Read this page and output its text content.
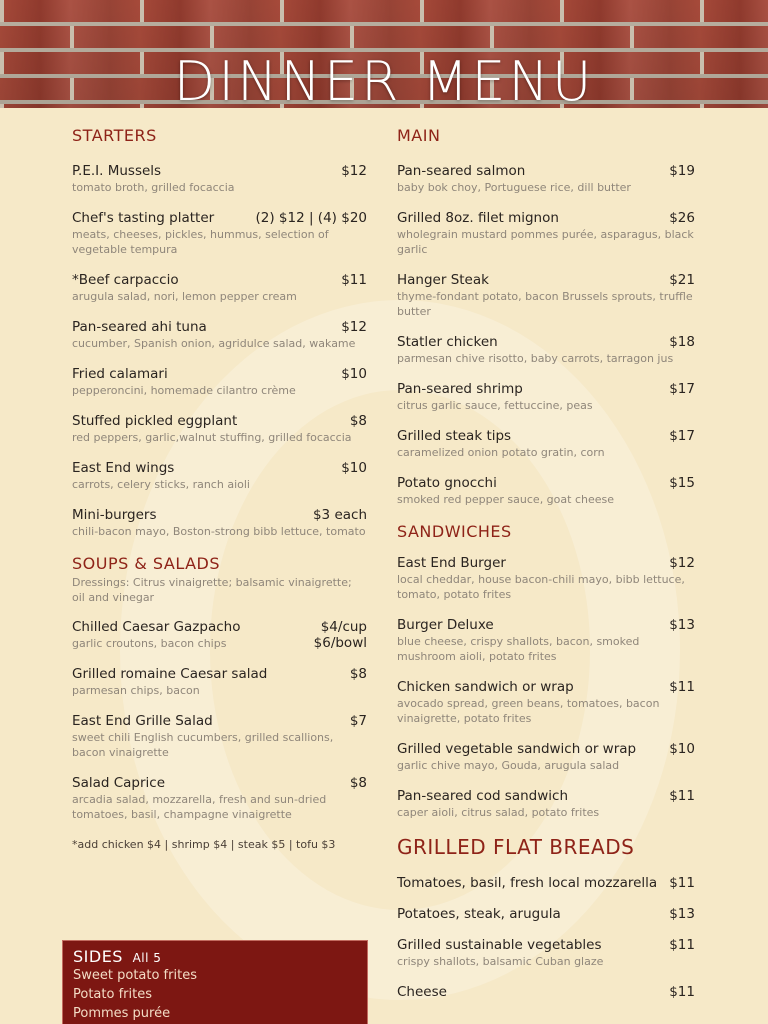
DINNER MENU
STARTERS
P.E.I. Mussels	$12
tomato broth, grilled focaccia
Chef's tasting platter	(2) $12 | (4) $20
meats, cheeses, pickles, hummus, selection of vegetable tempura
*Beef carpaccio	$11
arugula salad, nori, lemon pepper cream
Pan-seared ahi tuna	$12
cucumber, Spanish onion, agridulce salad, wakame
Fried calamari	$10
pepperoncini, homemade cilantro crème
Stuffed pickled eggplant	$8
red peppers, garlic,walnut stuffing, grilled focaccia
East End wings	$10
carrots, celery sticks, ranch aioli
Mini-burgers	$3 each
chili-bacon mayo, Boston-strong bibb lettuce, tomato
SOUPS & SALADS
Dressings: Citrus vinaigrette; balsamic vinaigrette; oil and vinegar
Chilled Caesar Gazpacho	$4/cup
garlic croutons, bacon chips	$6/bowl
Grilled romaine Caesar salad	$8
parmesan chips, bacon
East End Grille Salad	$7
sweet chili English cucumbers, grilled scallions, bacon vinaigrette
Salad Caprice	$8
arcadia salad, mozzarella, fresh and sun-dried tomatoes, basil, champagne vinaigrette
*add chicken $4 | shrimp $4 | steak $5 | tofu $3
SIDES All 5
Sweet potato frites
Potato frites
Pommes purée
MAIN
Pan-seared salmon	$19
baby bok choy, Portuguese rice, dill butter
Grilled 8oz. filet mignon	$26
wholegrain mustard pommes purée, asparagus, black garlic
Hanger Steak	$21
thyme-fondant potato, bacon Brussels sprouts, truffle butter
Statler chicken	$18
parmesan chive risotto, baby carrots, tarragon jus
Pan-seared shrimp	$17
citrus garlic sauce, fettuccine, peas
Grilled steak tips	$17
caramelized onion potato gratin, corn
Potato gnocchi	$15
smoked red pepper sauce, goat cheese
SANDWICHES
East End Burger	$12
local cheddar, house bacon-chili mayo, bibb lettuce, tomato, potato frites
Burger Deluxe	$13
blue cheese, crispy shallots, bacon, smoked mushroom aioli, potato frites
Chicken sandwich or wrap	$11
avocado spread, green beans, tomatoes, bacon vinaigrette, potato frites
Grilled vegetable sandwich or wrap $10
garlic chive mayo, Gouda, arugula salad
Pan-seared cod sandwich	$11
caper aioli, citrus salad, potato frites
GRILLED FLAT BREADS
Tomatoes, basil, fresh local mozzarella $11
Potatoes, steak, arugula	$13
Grilled sustainable vegetables	$11
crispy shallots, balsamic Cuban glaze
Cheese	$11
